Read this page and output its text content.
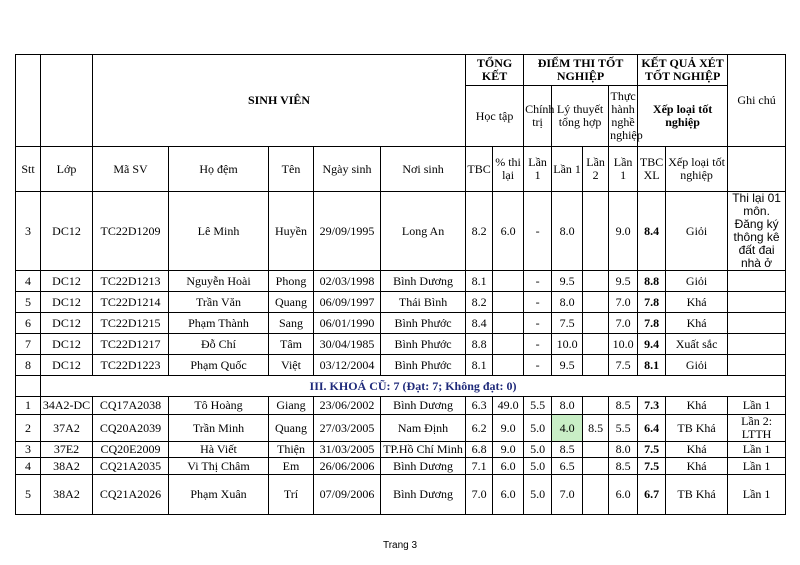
		SINH VIÊN					TỔNG KẾT		ĐIỂM THI TỐT NGHIỆP				KẾT QUẢ XÉT TỐT NGHIỆP		Ghi chú
							Học tập		Chính trị	Lý thuyết tổng hợp		Thực hành nghề nghiệp	Xếp loại tốt nghiệp		
Stt	Lớp	Mã SV	Họ đệm	Tên	Ngày sinh	Nơi sinh	TBC	% thi lại	Lần 1	Lần 1	Lần 2	Lần 1	TBC XL	Xếp loại tốt nghiệp	
3	DC12	TC22D1209	Lê Minh	Huyền	29/09/1995	Long An	8.2	6.0	-	8.0		9.0	8.4	Giỏi	Thi lại 01 môn. Đăng ký thông kê đất đai nhà ở
4	DC12	TC22D1213	Nguyễn Hoài	Phong	02/03/1998	Bình Dương	8.1		-	9.5		9.5	8.8	Giỏi	
5	DC12	TC22D1214	Trần Văn	Quang	06/09/1997	Thái Bình	8.2		-	8.0		7.0	7.8	Khá	
6	DC12	TC22D1215	Phạm Thành	Sang	06/01/1990	Bình Phước	8.4		-	7.5		7.0	7.8	Khá	
7	DC12	TC22D1217	Đỗ Chí	Tâm	30/04/1985	Bình Phước	8.8		-	10.0		10.0	9.4	Xuất sắc	
8	DC12	TC22D1223	Phạm Quốc	Việt	03/12/2004	Bình Phước	8.1		-	9.5		7.5	8.1	Giỏi	
	III. KHOÁ CŨ: 7 (Đạt: 7; Không đạt: 0)														
1	34A2-DC	CQ17A2038	Tô Hoàng	Giang	23/06/2002	Bình Dương	6.3	49.0	5.5	8.0		8.5	7.3	Khá	Lần 1
2	37A2	CQ20A2039	Trần Minh	Quang	27/03/2005	Nam Định	6.2	9.0	5.0	4.0	8.5	5.5	6.4	TB Khá	Lần 2: LTTH
3	37E2	CQ20E2009	Hà Viết	Thiện	31/03/2005	TP.Hồ Chí Minh	6.8	9.0	5.0	8.5		8.0	7.5	Khá	Lần 1
4	38A2	CQ21A2035	Vi Thị Châm	Em	26/06/2006	Bình Dương	7.1	6.0	5.0	6.5		8.5	7.5	Khá	Lần 1
5	38A2	CQ21A2026	Phạm Xuân	Trí	07/09/2006	Bình Dương	7.0	6.0	5.0	7.0		6.0	6.7	TB Khá	Lần 1
Trang 3
